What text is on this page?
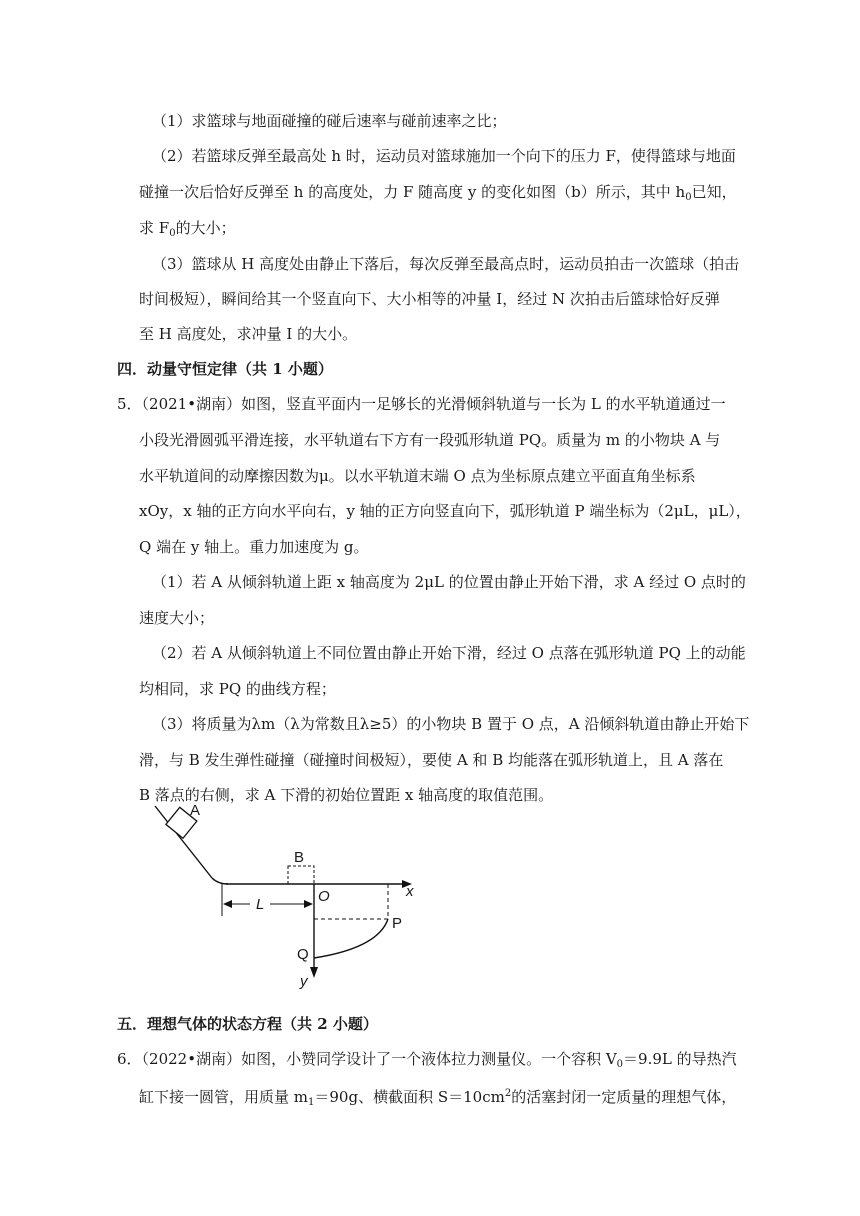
（1）求篮球与地面碰撞的碰后速率与碰前速率之比；
（2）若篮球反弹至最高处 h 时，运动员对篮球施加一个向下的压力 F，使得篮球与地面
碰撞一次后恰好反弹至 h 的高度处，力 F 随高度 y 的变化如图（b）所示，其中 $h_0$已知，
求 $F_0$的大小；
（3）篮球从 H 高度处由静止下落后，每次反弹至最高点时，运动员拍击一次篮球（拍击
时间极短），瞬间给其一个竖直向下、大小相等的冲量 I，经过 N 次拍击后篮球恰好反弹
至 H 高度处，求冲量 I 的大小。
四．动量守恒定律（共 1 小题）
5．（2021•湖南）如图，竖直平面内一足够长的光滑倾斜轨道与一长为 L 的水平轨道通过一
小段光滑圆弧平滑连接，水平轨道右下方有一段弧形轨道 PQ。质量为 m 的小物块 A 与
水平轨道间的动摩擦因数为μ。以水平轨道末端 O 点为坐标原点建立平面直角坐标系
xOy，x 轴的正方向水平向右，y 轴的正方向竖直向下，弧形轨道 P 端坐标为（2μL，μL），
Q 端在 y 轴上。重力加速度为 g。
（1）若 A 从倾斜轨道上距 x 轴高度为 2μL 的位置由静止开始下滑，求 A 经过 O 点时的
速度大小；
（2）若 A 从倾斜轨道上不同位置由静止开始下滑，经过 O 点落在弧形轨道 PQ 上的动能
均相同，求 PQ 的曲线方程；
（3）将质量为λm（λ为常数且λ≥5）的小物块 B 置于 O 点，A 沿倾斜轨道由静止开始下
滑，与 B 发生弹性碰撞（碰撞时间极短），要使 A 和 B 均能落在弧形轨道上，且 A 落在
B 落点的右侧，求 A 下滑的初始位置距 x 轴高度的取值范围。
A
x
B
O
L
y
P
Q
五．理想气体的状态方程（共 2 小题）
6．（2022•湖南）如图，小赞同学设计了一个液体拉力测量仪。一个容积 $V_0=9.9L$ 的导热汽
缸下接一圆管，用质量 $m_1=90g$、横截面积 $S=10cm^2$的活塞封闭一定质量的理想气体，
